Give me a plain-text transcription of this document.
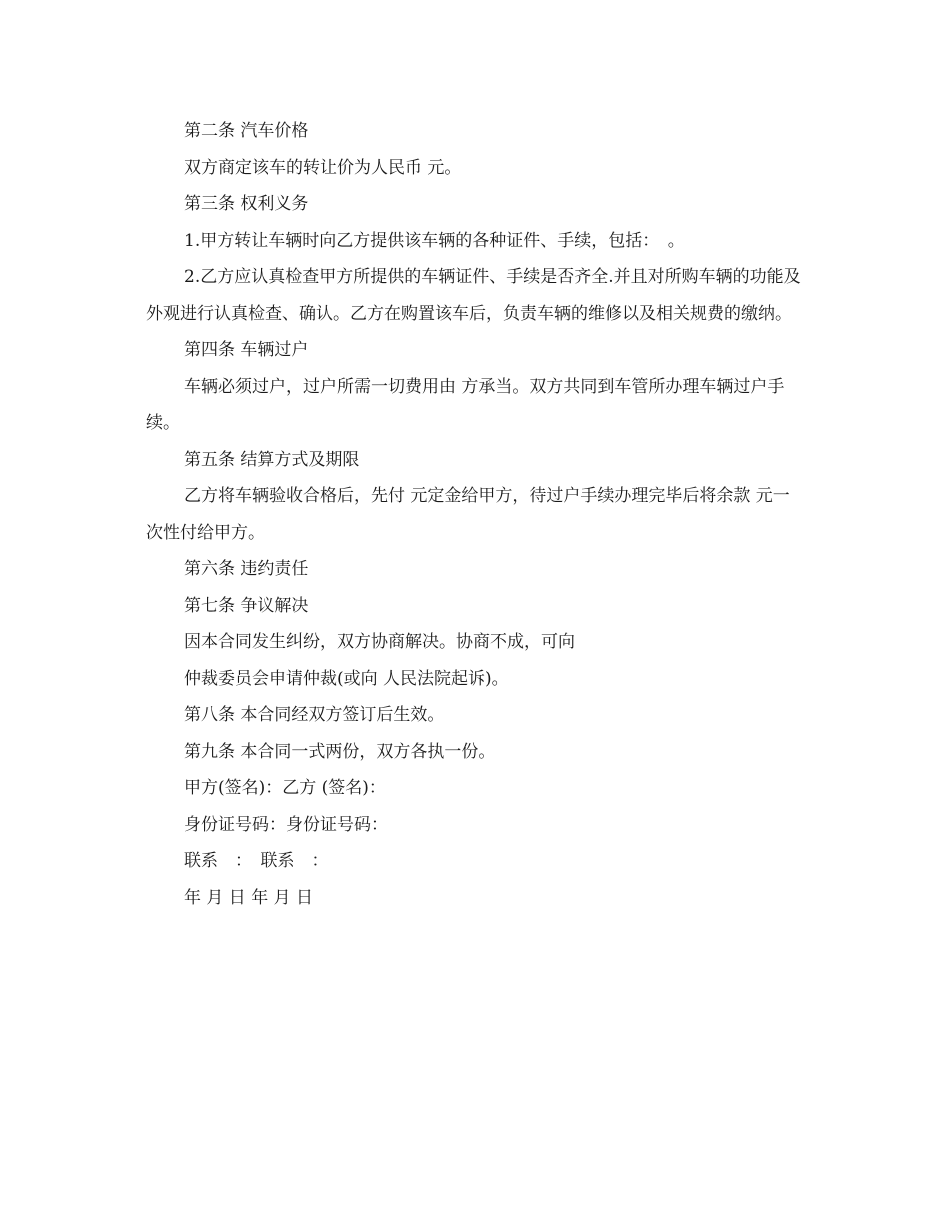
第二条 汽车价格

双方商定该车的转让价为人民币 元。

第三条 权利义务

1.甲方转让车辆时向乙方提供该车辆的各种证件、手续，包括：　。

2.乙方应认真检查甲方所提供的车辆证件、手续是否齐全.并且对所购车辆的功能及外观进行认真检查、确认。乙方在购置该车后，负责车辆的维修以及相关规费的缴纳。

第四条 车辆过户

车辆必须过户，过户所需一切费用由 方承当。双方共同到车管所办理车辆过户手续。

第五条 结算方式及期限

乙方将车辆验收合格后，先付 元定金给甲方，待过户手续办理完毕后将余款 元一次性付给甲方。

第六条 违约责任

第七条 争议解决

因本合同发生纠纷，双方协商解决。协商不成，可向

仲裁委员会申请仲裁(或向 人民法院起诉)。

第八条 本合同经双方签订后生效。

第九条 本合同一式两份，双方各执一份。

甲方(签名)：乙方 (签名)：

身份证号码：身份证号码：

联系　：　联系　：

年 月 日 年 月 日
